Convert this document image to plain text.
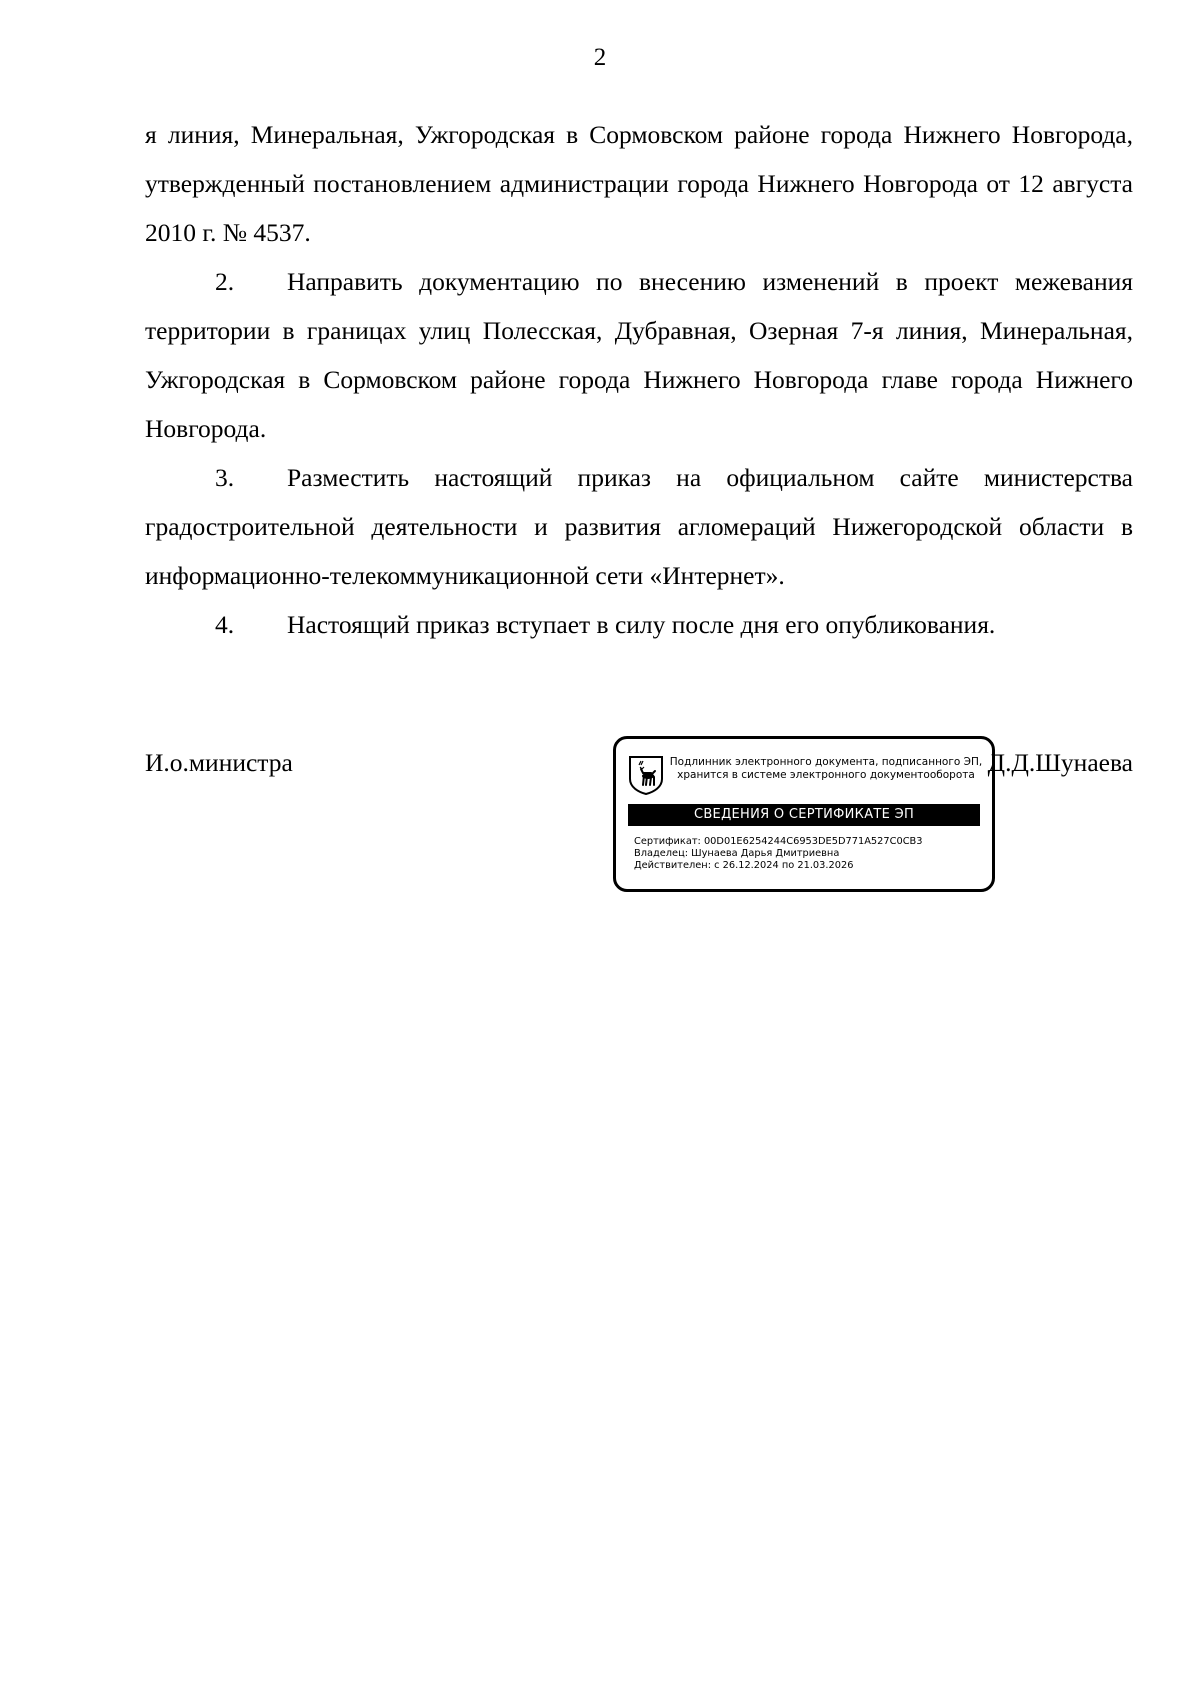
2

я линия, Минеральная, Ужгородская в Сормовском районе города Нижнего Новгорода, утвержденный постановлением администрации города Нижнего Новгорода от 12 августа 2010 г. № 4537.

2. Направить документацию по внесению изменений в проект межевания территории в границах улиц Полесская, Дубравная, Озерная 7-я линия, Минеральная, Ужгородская в Сормовском районе города Нижнего Новгорода главе города Нижнего Новгорода.

3. Разместить настоящий приказ на официальном сайте министерства градостроительной деятельности и развития агломераций Нижегородской области в информационно-телекоммуникационной сети «Интернет».

4. Настоящий приказ вступает в силу после дня его опубликования.

И.о.министра	Подлинник электронного документа, подписанного ЭП,
хранится в системе электронного документооборота
СВЕДЕНИЯ О СЕРТИФИКАТЕ ЭП
Сертификат: 00D01E6254244C6953DE5D771A527C0CB3
Владелец: Шунаева Дарья Дмитриевна
Действителен: с 26.12.2024 по 21.03.2026
Д.Д.Шунаева
